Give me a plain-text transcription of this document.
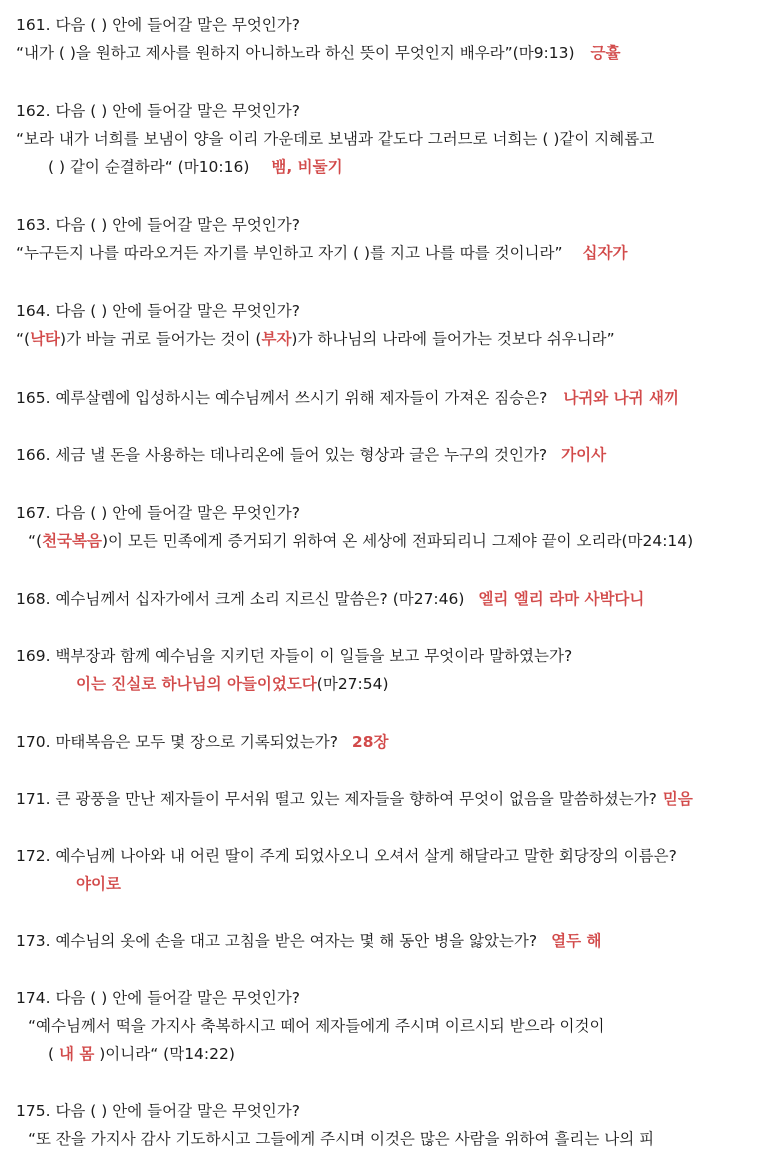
161. 다음 ( ) 안에 들어갈 말은 무엇인가?
“내가 ( )을 원하고 제사를 원하지 아니하노라 하신 뜻이 무엇인지 배우라”(마9:13) 긍휼
162. 다음 ( ) 안에 들어갈 말은 무엇인가?
“보라 내가 너희를 보냄이 양을 이리 가운데로 보냄과 같도다 그러므로 너희는 ( )같이 지혜롭고
( ) 같이 순결하라“ (마10:16) 뱀, 비둘기
163. 다음 ( ) 안에 들어갈 말은 무엇인가?
“누구든지 나를 따라오거든 자기를 부인하고 자기 ( )를 지고 나를 따를 것이니라” 십자가
164. 다음 ( ) 안에 들어갈 말은 무엇인가?
“(낙타)가 바늘 귀로 들어가는 것이 (부자)가 하나님의 나라에 들어가는 것보다 쉬우니라”
165. 예루살렘에 입성하시는 예수님께서 쓰시기 위해 제자들이 가져온 짐승은? 나귀와 나귀 새끼
166. 세금 낼 돈을 사용하는 데나리온에 들어 있는 형상과 글은 누구의 것인가? 가이사
167. 다음 ( ) 안에 들어갈 말은 무엇인가?
“(천국복음)이 모든 민족에게 증거되기 위하여 온 세상에 전파되리니 그제야 끝이 오리라(마24:14)
168. 예수님께서 십자가에서 크게 소리 지르신 말씀은? (마27:46) 엘리 엘리 라마 사박다니
169. 백부장과 함께 예수님을 지키던 자들이 이 일들을 보고 무엇이라 말하였는가?
이는 진실로 하나님의 아들이었도다(마27:54)
170. 마태복음은 모두 몇 장으로 기록되었는가? 28장
171. 큰 광풍을 만난 제자들이 무서워 떨고 있는 제자들을 향하여 무엇이 없음을 말씀하셨는가? 믿음
172. 예수님께 나아와 내 어린 딸이 주게 되었사오니 오셔서 살게 해달라고 말한 회당장의 이름은?
야이로
173. 예수님의 옷에 손을 대고 고침을 받은 여자는 몇 해 동안 병을 앓았는가? 열두 해
174. 다음 ( ) 안에 들어갈 말은 무엇인가?
“예수님께서 떡을 가지사 축복하시고 떼어 제자들에게 주시며 이르시되 받으라 이것이
( 내 몸 )이니라“ (막14:22)
175. 다음 ( ) 안에 들어갈 말은 무엇인가?
“또 잔을 가지사 감사 기도하시고 그들에게 주시며 이것은 많은 사람을 위하여 흘리는 나의 피
